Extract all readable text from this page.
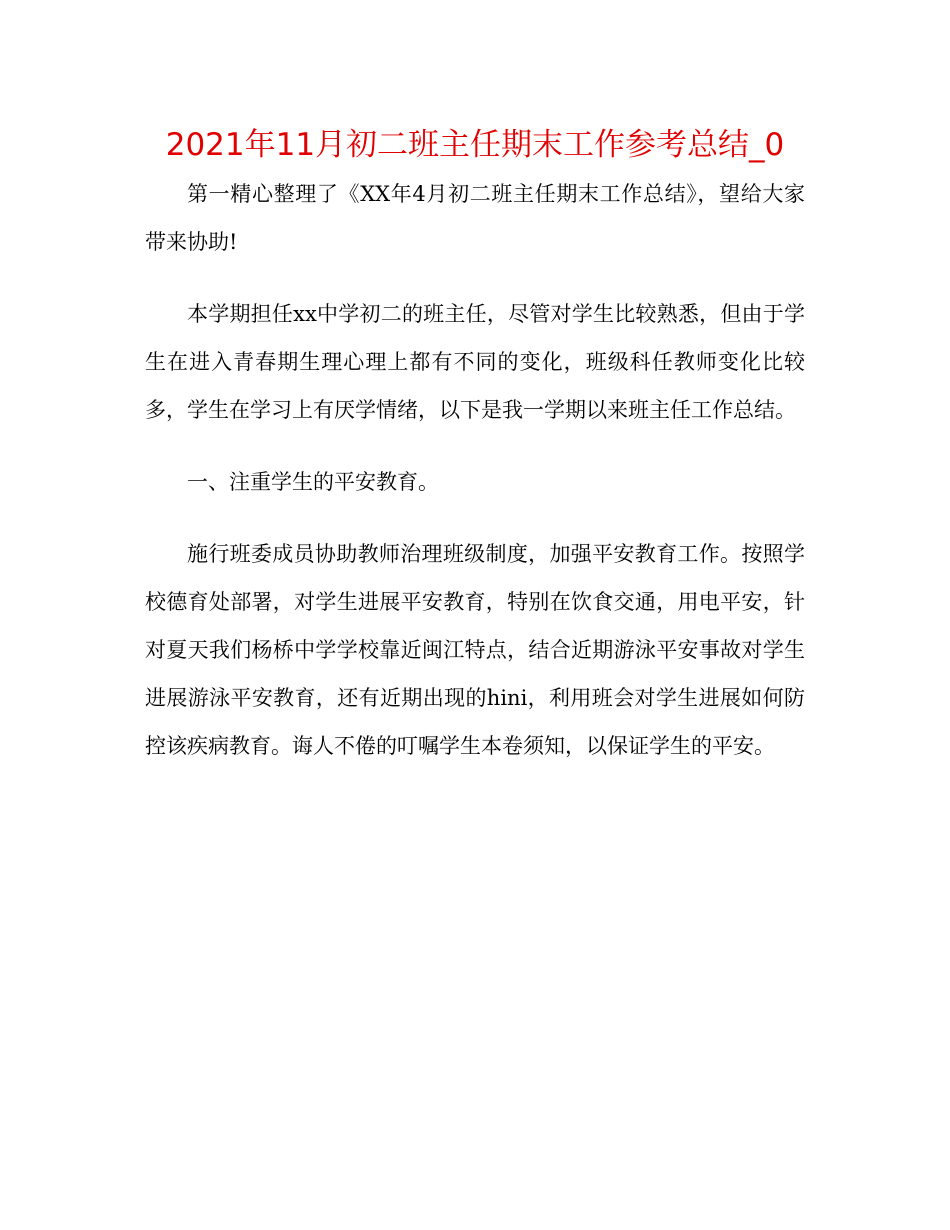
2021年11月初二班主任期末工作参考总结_0

第一精心整理了《XX年4月初二班主任期末工作总结》，望给大家带来协助!

本学期担任xx中学初二的班主任，尽管对学生比较熟悉，但由于学生在进入青春期生理心理上都有不同的变化，班级科任教师变化比较多，学生在学习上有厌学情绪，以下是我一学期以来班主任工作总结。

一、注重学生的平安教育。

施行班委成员协助教师治理班级制度，加强平安教育工作。按照学校德育处部署，对学生进展平安教育，特别在饮食交通，用电平安，针对夏天我们杨桥中学学校靠近闽江特点，结合近期游泳平安事故对学生进展游泳平安教育，还有近期出现的hini，利用班会对学生进展如何防控该疾病教育。诲人不倦的叮嘱学生本卷须知，以保证学生的平安。
